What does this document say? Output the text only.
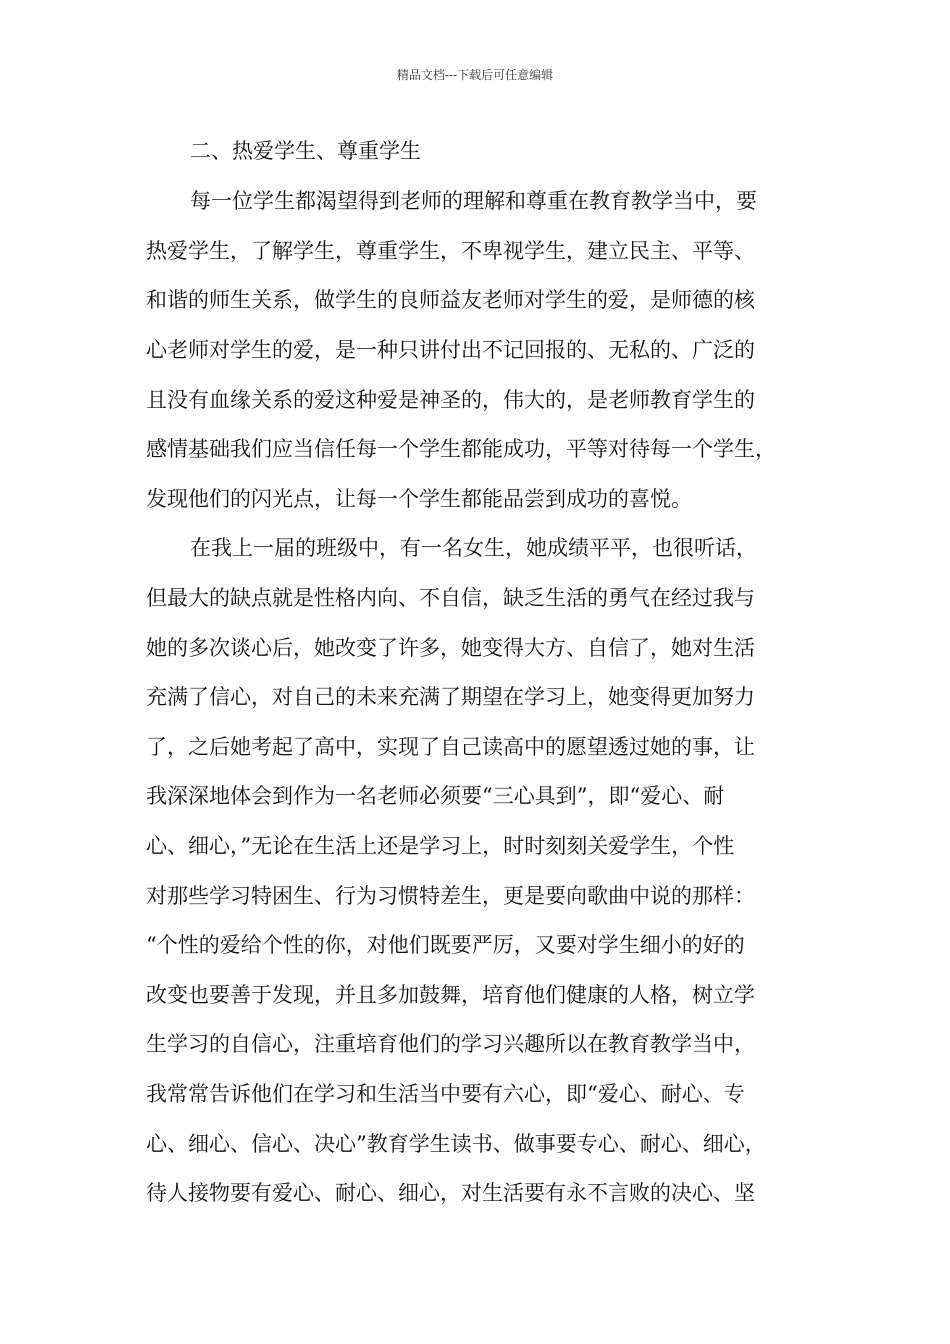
精品文档---下载后可任意编辑
二、热爱学生、尊重学生
每一位学生都渴望得到老师的理解和尊重在教育教学当中，要
热爱学生，了解学生，尊重学生，不卑视学生，建立民主、平等、
和谐的师生关系，做学生的良师益友老师对学生的爱，是师德的核
心老师对学生的爱，是一种只讲付出不记回报的、无私的、广泛的
且没有血缘关系的爱这种爱是神圣的，伟大的，是老师教育学生的
感情基础我们应当信任每一个学生都能成功，平等对待每一个学生，
发现他们的闪光点，让每一个学生都能品尝到成功的喜悦。
在我上一届的班级中，有一名女生，她成绩平平，也很听话，
但最大的缺点就是性格内向、不自信，缺乏生活的勇气在经过我与
她的多次谈心后，她改变了许多，她变得大方、自信了，她对生活
充满了信心，对自己的未来充满了期望在学习上，她变得更加努力
了，之后她考起了高中，实现了自己读高中的愿望透过她的事，让
我深深地体会到作为一名老师必须要“三心具到”，即“爱心、耐
心、细心，”无论在生活上还是学习上，时时刻刻关爱学生，个性
对那些学习特困生、行为习惯特差生，更是要向歌曲中说的那样：
“个性的爱给个性的你，对他们既要严厉，又要对学生细小的好的
改变也要善于发现，并且多加鼓舞，培育他们健康的人格，树立学
生学习的自信心，注重培育他们的学习兴趣所以在教育教学当中，
我常常告诉他们在学习和生活当中要有六心，即“爱心、耐心、专
心、细心、信心、决心”教育学生读书、做事要专心、耐心、细心，
待人接物要有爱心、耐心、细心，对生活要有永不言败的决心、坚
